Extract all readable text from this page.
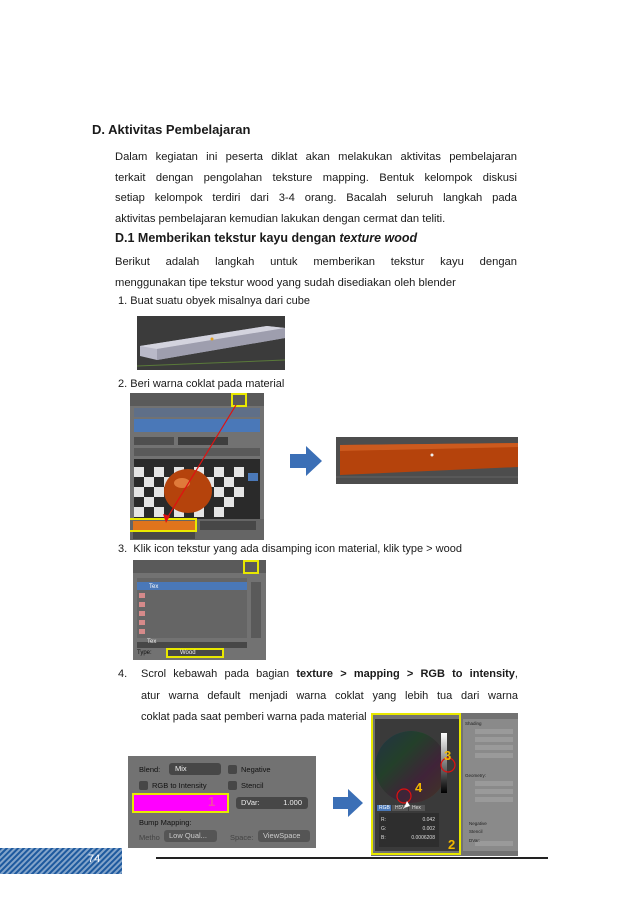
D. Aktivitas Pembelajaran
Dalam kegiatan ini peserta diklat akan melakukan aktivitas pembelajaran
terkait dengan pengolahan teksture mapping. Bentuk kelompok diskusi
setiap kelompok terdiri dari 3-4 orang. Bacalah seluruh langkah pada
aktivitas pembelajaran kemudian lakukan dengan cermat dan teliti.
D.1 Memberikan tekstur kayu dengan texture wood
Berikut adalah langkah untuk memberikan tekstur kayu dengan
menggunakan tipe tekstur wood yang sudah disediakan oleh blender
1. Buat suatu obyek misalnya dari cube
2. Beri warna coklat pada material
3. Klik icon tekstur yang ada disamping icon material, klik type > wood
Tex
Tex
Type:	Wood
4.	Scrol kebawah pada bagian texture > mapping > RGB to intensity,
atur warna default menjadi warna coklat yang lebih tua dari warna
coklat pada saat pemberi warna pada material
Blend:	Mix	Negative
RGB to Intensity	Stencil
1	DVar:	1.000
Bump Mapping:
Metho	Low Qual...	Space:	ViewSpace
RGB HSV Hex
R:	0.042
G:	0.002
B:	0.0006208
Shading
Geometry:
Negative
Stencil
DVar:
3
4
2
74
